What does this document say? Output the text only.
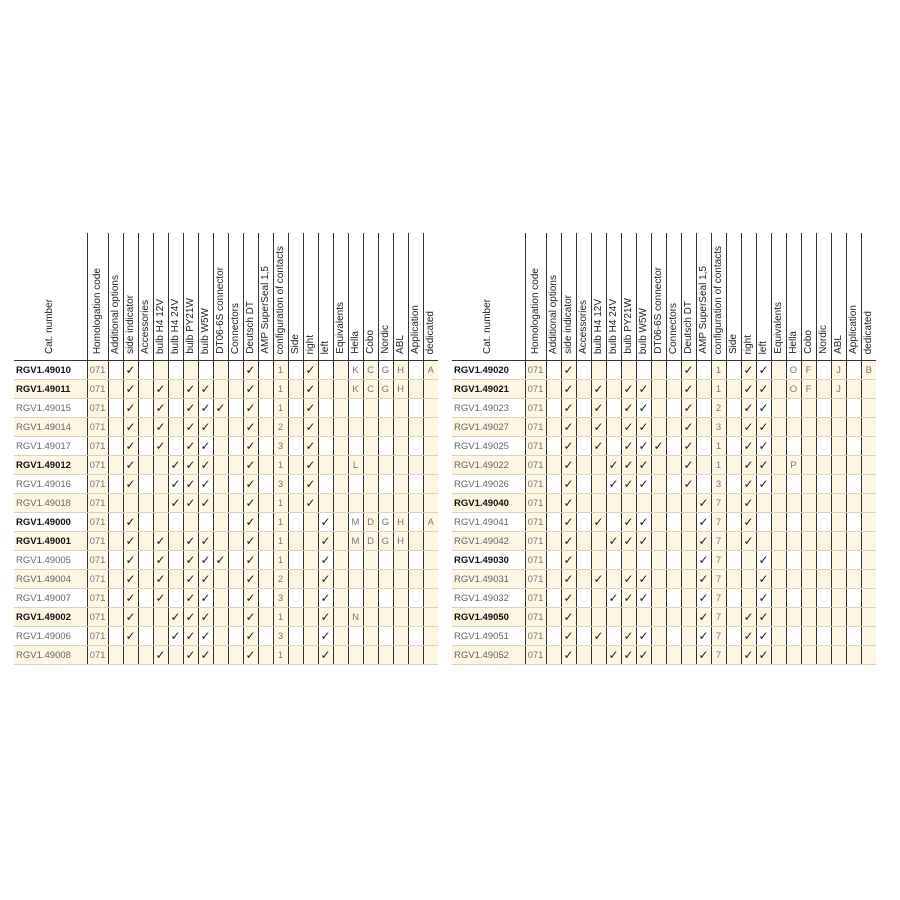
Cat. number	Homologation code	Additional options	side indicator	Accessories	bulb H4 12V	bulb H4 24V	bulb PY21W	bulb W5W	DT06-6S connector	Connectors	Deutsch DT	AMP SuperSeal 1,5	configuration of contacts	Side	right	left	Equivalents	Hella	Cobo	Nordic	ABL	Application	dedicated
RGV1.49010	071		✓								✓		1		✓			K	C	G	H		A
RGV1.49011	071		✓		✓		✓	✓			✓		1		✓			K	C	G	H		
RGV1.49015	071		✓		✓		✓	✓	✓		✓		1		✓								
RGV1.49014	071		✓		✓		✓	✓			✓		2		✓								
RGV1.49017	071		✓		✓		✓	✓			✓		3		✓								
RGV1.49012	071		✓			✓	✓	✓			✓		1		✓			L					
RGV1.49016	071		✓			✓	✓	✓			✓		3		✓								
RGV1.49018	071					✓	✓	✓			✓		1		✓								
RGV1.49000	071		✓								✓		1			✓		M	D	G	H		A
RGV1.49001	071		✓		✓		✓	✓			✓		1			✓		M	D	G	H		
RGV1.49005	071		✓		✓		✓	✓	✓		✓		1			✓							
RGV1.49004	071		✓		✓		✓	✓			✓		2			✓							
RGV1.49007	071		✓		✓		✓	✓			✓		3			✓							
RGV1.49002	071		✓			✓	✓	✓			✓		1			✓		N					
RGV1.49006	071		✓			✓	✓	✓			✓		3			✓							
RGV1.49008	071				✓		✓	✓			✓		1			✓							
Cat. number	Homologation code	Additional options	side indicator	Accessories	bulb H4 12V	bulb H4 24V	bulb PY21W	bulb W5W	DT06-6S connector	Connectors	Deutsch DT	AMP SuperSeal 1,5	configuration of contacts	Side	right	left	Equivalents	Hella	Cobo	Nordic	ABL	Application	dedicated
RGV1.49020	071		✓								✓		1		✓	✓		O	F		J		B
RGV1.49021	071		✓		✓		✓	✓			✓		1		✓	✓		O	F		J		
RGV1.49023	071		✓		✓		✓	✓			✓		2		✓	✓							
RGV1.49027	071		✓		✓		✓	✓			✓		3		✓	✓							
RGV1.49025	071		✓		✓		✓	✓	✓		✓		1		✓	✓							
RGV1.49022	071		✓			✓	✓	✓			✓		1		✓	✓		P					
RGV1.49026	071		✓			✓	✓	✓			✓		3		✓	✓							
RGV1.49040	071		✓									✓	7		✓								
RGV1.49041	071		✓		✓		✓	✓				✓	7		✓								
RGV1.49042	071		✓			✓	✓	✓				✓	7		✓								
RGV1.49030	071		✓									✓	7			✓							
RGV1.49031	071		✓		✓		✓	✓				✓	7			✓							
RGV1.49032	071		✓			✓	✓	✓				✓	7			✓							
RGV1.49050	071		✓									✓	7		✓	✓							
RGV1.49051	071		✓		✓		✓	✓				✓	7		✓	✓							
RGV1.49052	071		✓			✓	✓	✓				✓	7		✓	✓							
